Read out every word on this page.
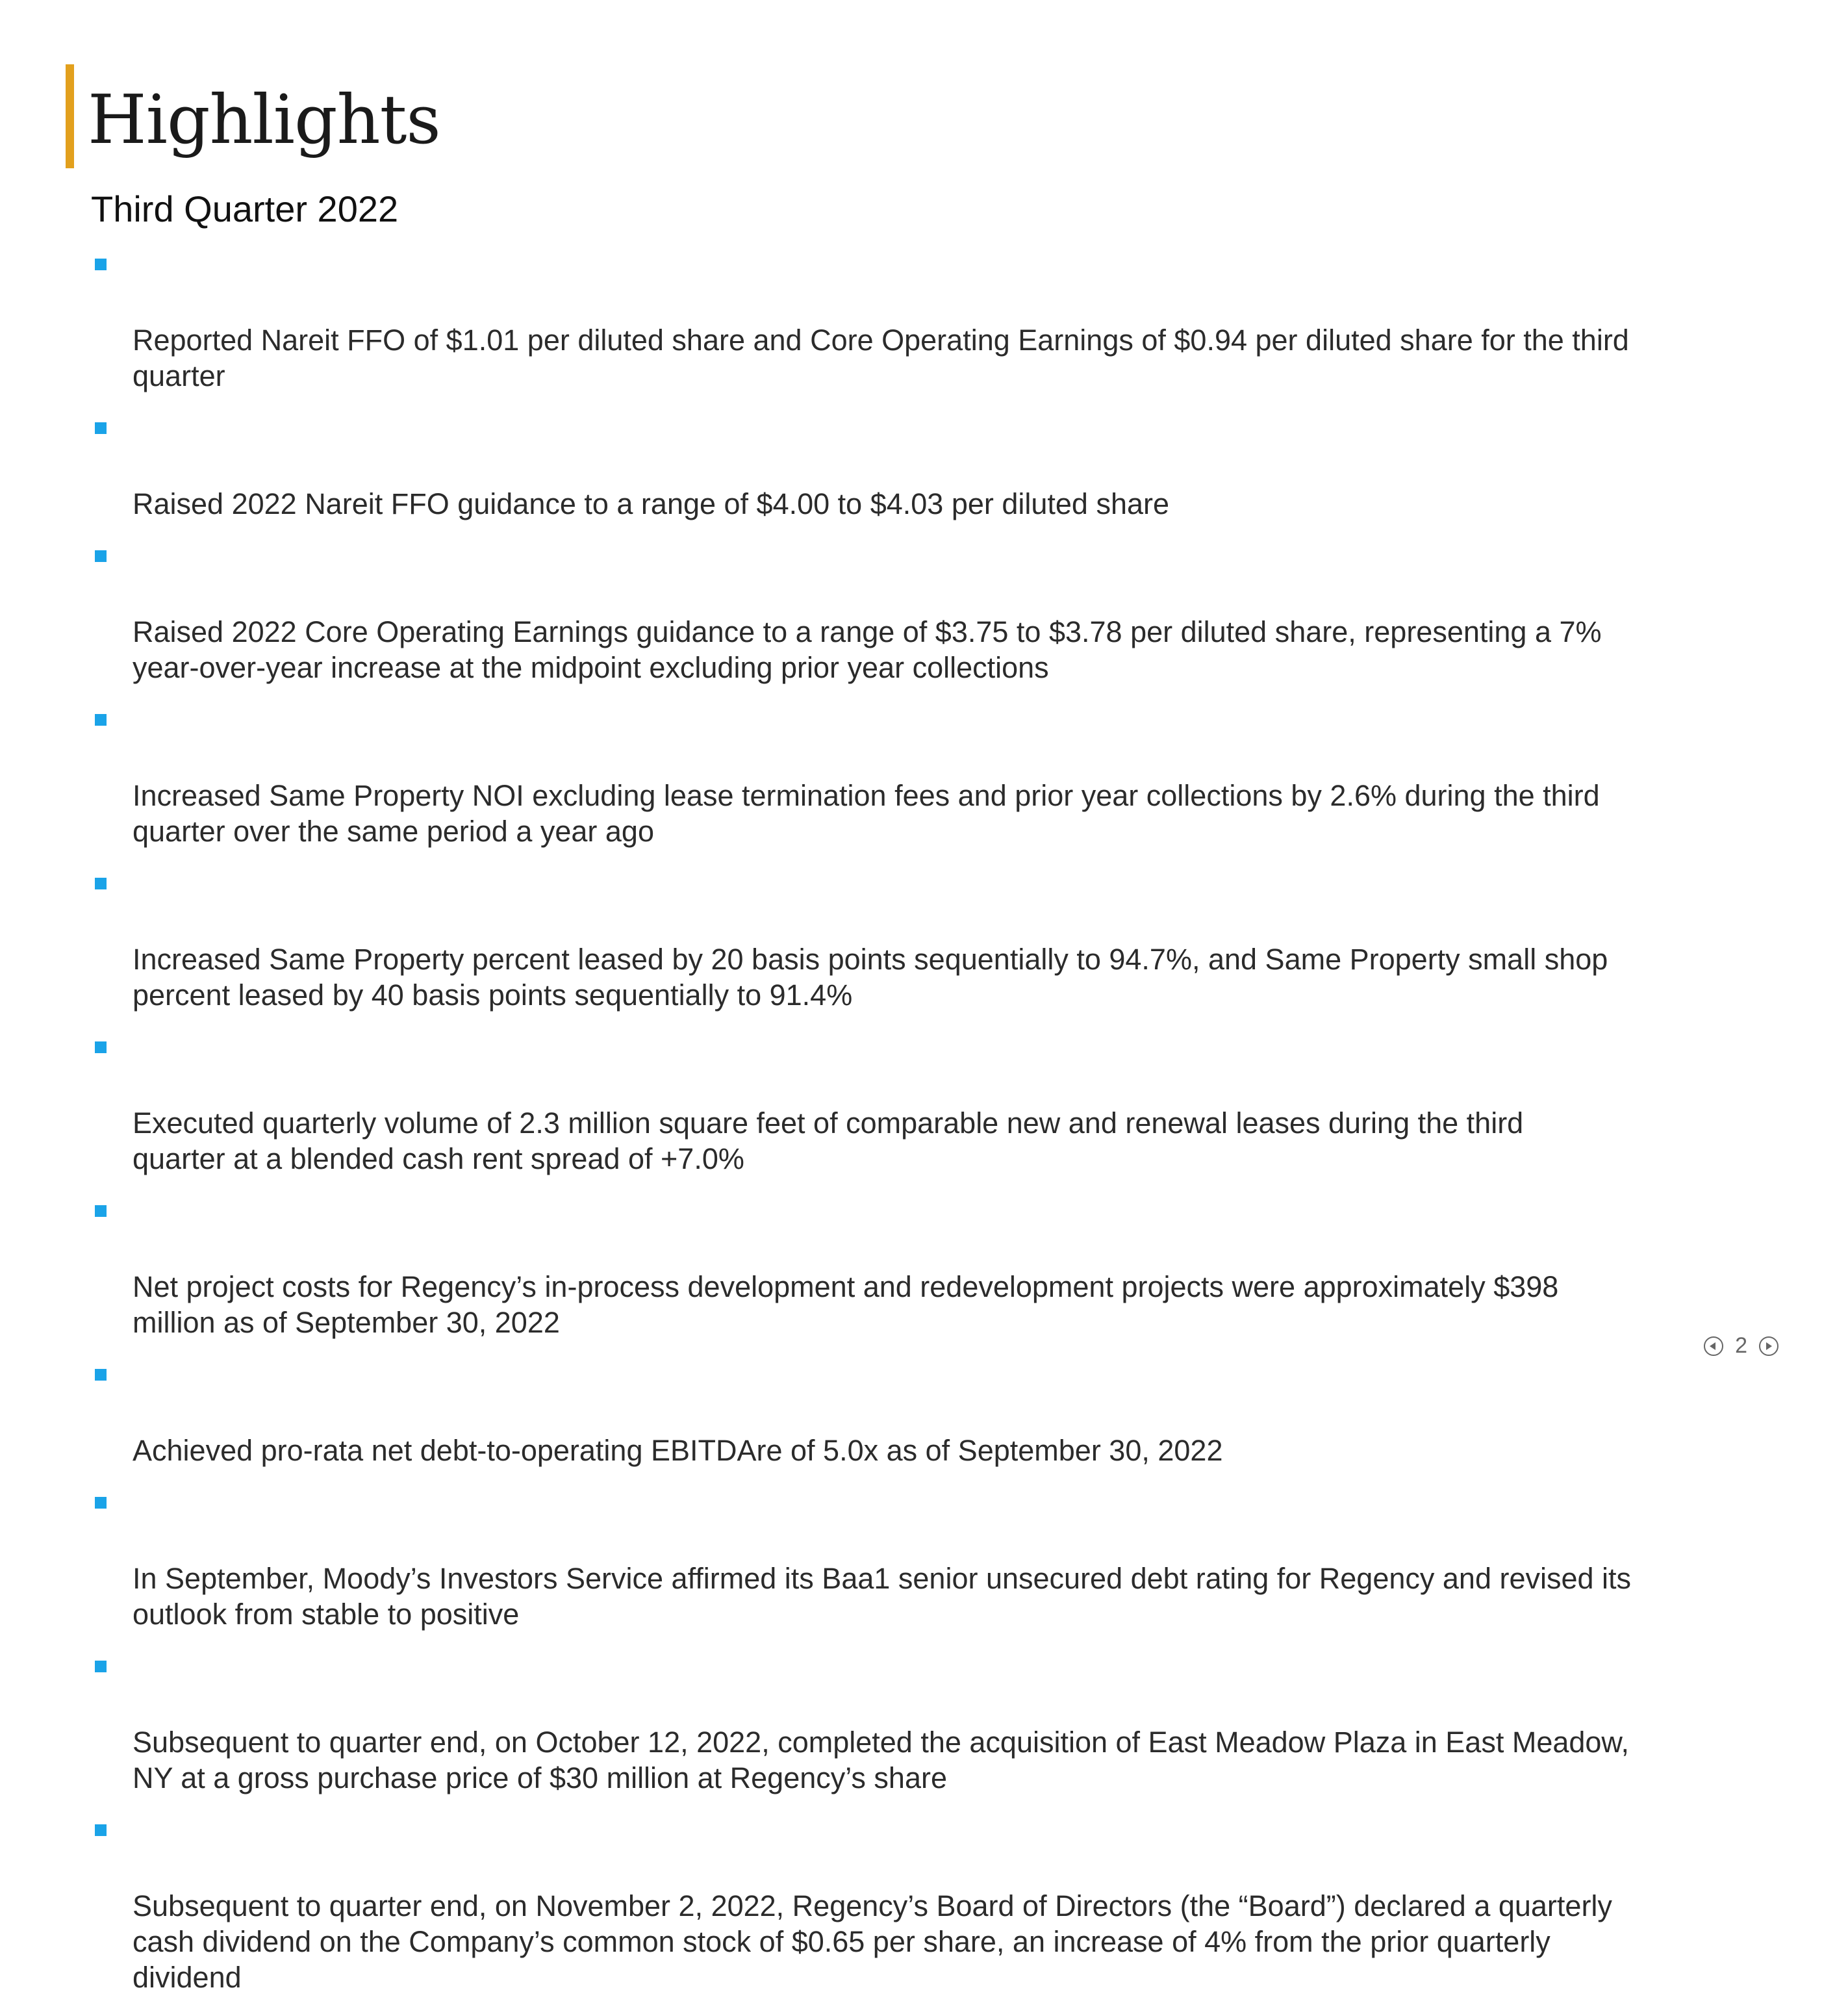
Highlights
Third Quarter 2022

Reported Nareit FFO of $1.01 per diluted share and Core Operating Earnings of $0.94 per diluted share for the third
quarter

Raised 2022 Nareit FFO guidance to a range of $4.00 to $4.03 per diluted share

Raised 2022 Core Operating Earnings guidance to a range of $3.75 to $3.78 per diluted share, representing a 7%
year-over-year increase at the midpoint excluding prior year collections

Increased Same Property NOI excluding lease termination fees and prior year collections by 2.6% during the third
quarter over the same period a year ago

Increased Same Property percent leased by 20 basis points sequentially to 94.7%, and Same Property small shop
percent leased by 40 basis points sequentially to 91.4%

Executed quarterly volume of 2.3 million square feet of comparable new and renewal leases during the third
quarter at a blended cash rent spread of +7.0%

Net project costs for Regency’s in-process development and redevelopment projects were approximately $398
million as of September 30, 2022

Achieved pro-rata net debt-to-operating EBITDAre of 5.0x as of September 30, 2022

In September, Moody’s Investors Service affirmed its Baa1 senior unsecured debt rating for Regency and revised its
outlook from stable to positive

Subsequent to quarter end, on October 12, 2022, completed the acquisition of East Meadow Plaza in East Meadow,
NY at a gross purchase price of $30 million at Regency’s share

Subsequent to quarter end, on November 2, 2022, Regency’s Board of Directors (the “Board”) declared a quarterly
cash dividend on the Company’s common stock of $0.65 per share, an increase of 4% from the prior quarterly
dividend

2
